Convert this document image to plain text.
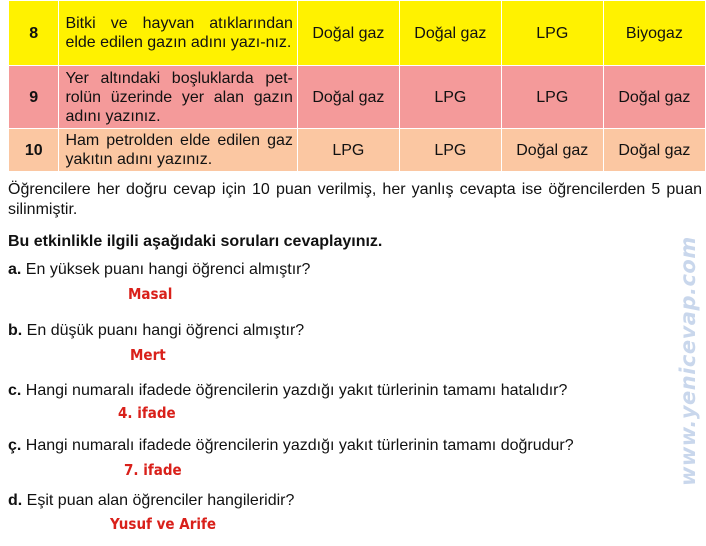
8	Bitki ve hayvan atıklarından elde edilen gazın adını yazı-nız.	Doğal gaz	Doğal gaz	LPG	Biyogaz
9	Yer altındaki boşluklarda pet-rolün üzerinde yer alan gazın adını yazınız.	Doğal gaz	LPG	LPG	Doğal gaz
10	Ham petrolden elde edilen gaz yakıtın adını yazınız.	LPG	LPG	Doğal gaz	Doğal gaz
Öğrencilere her doğru cevap için 10 puan verilmiş, her yanlış cevapta ise öğrencilerden 5 puan silinmiştir.
Bu etkinlikle ilgili aşağıdaki soruları cevaplayınız.
a. En yüksek puanı hangi öğrenci almıştır?
Masal
b. En düşük puanı hangi öğrenci almıştır?
Mert
c. Hangi numaralı ifadede öğrencilerin yazdığı yakıt türlerinin tamamı hatalıdır?
4. ifade
ç. Hangi numaralı ifadede öğrencilerin yazdığı yakıt türlerinin tamamı doğrudur?
7. ifade
d. Eşit puan alan öğrenciler hangileridir?
Yusuf ve Arife
www.yenicevap.com
